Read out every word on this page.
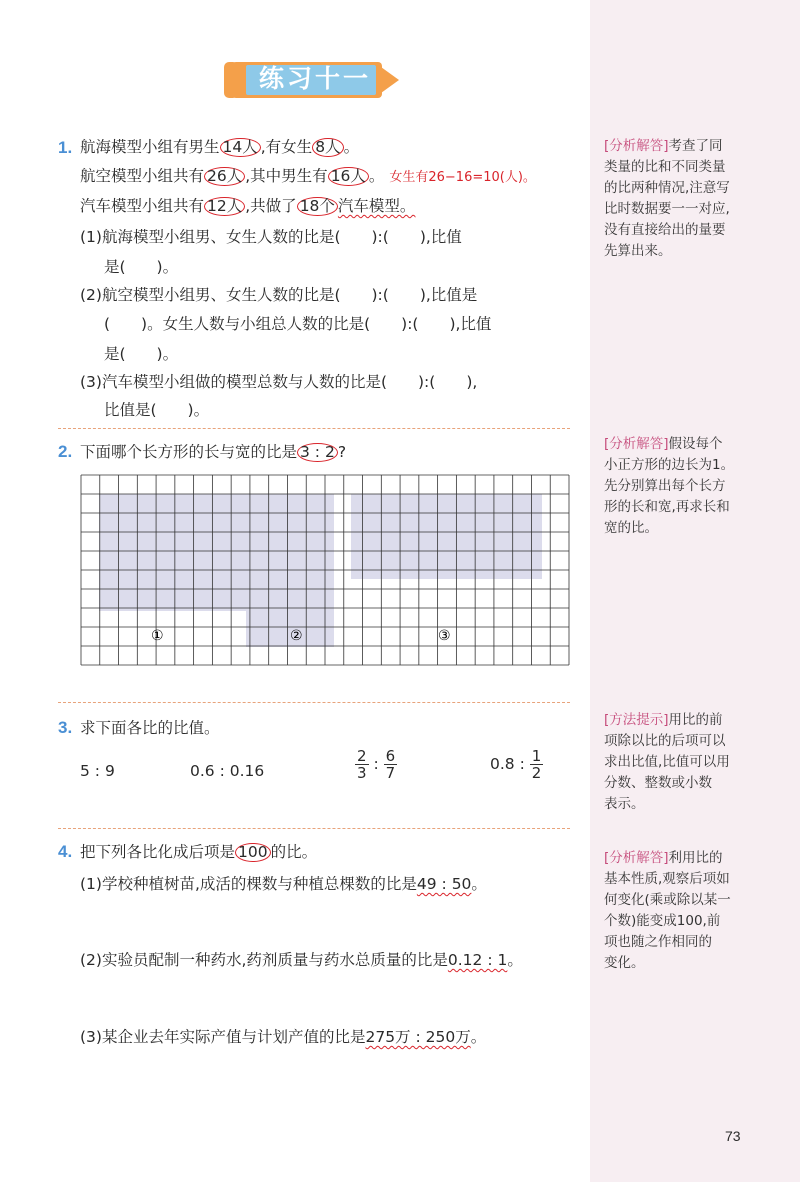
练习十一
1. 航海模型小组有男生 14人 ,有女生 8人 。
航空模型小组共有 26人 ,其中男生有 16人 。 女生有26−16=10(人)。
汽车模型小组共有 12人 ,共做了 18个 汽车模型。
(1)航海模型小组男、女生人数的比是(　　):(　　),比值
是(　　)。
(2)航空模型小组男、女生人数的比是(　　):(　　),比值是
(　　)。女生人数与小组总人数的比是(　　):(　　),比值
是(　　)。
(3)汽车模型小组做的模型总数与人数的比是(　　):(　　),
比值是(　　)。
2. 下面哪个长方形的长与宽的比是 3 : 2 ?
①	②	③
3. 求下面各比的比值。
5 : 9	0.6 : 0.16	$\frac{2}{3}$ : $\frac{6}{7}$	0.8 : $\frac{1}{2}$
4. 把下列各比化成后项是 100 的比。
(1)学校种植树苗,成活的棵数与种植总棵数的比是49 : 50。
(2)实验员配制一种药水,药剂质量与药水总质量的比是0.12 : 1。
(3)某企业去年实际产值与计划产值的比是275万 : 250万。
[分析解答]考查了同
类量的比和不同类量
的比两种情况,注意写
比时数据要一一对应,
没有直接给出的量要
先算出来。
[分析解答]假设每个
小正方形的边长为1。
先分别算出每个长方
形的长和宽,再求长和
宽的比。
[方法提示]用比的前
项除以比的后项可以
求出比值,比值可以用
分数、整数或小数
表示。
[分析解答]利用比的
基本性质,观察后项如
何变化(乘或除以某一
个数)能变成100,前
项也随之作相同的
变化。
73
